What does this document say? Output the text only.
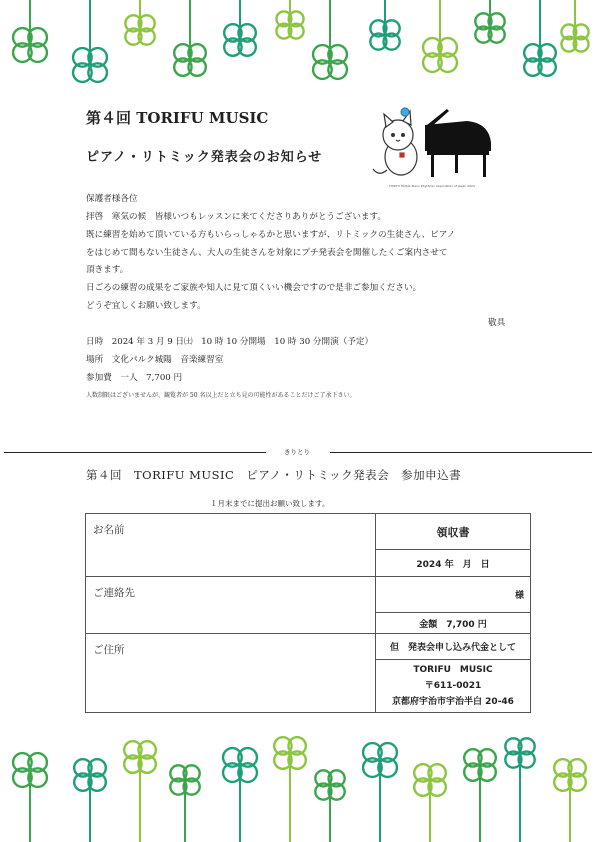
第４回 TORIFU MUSIC
ピアノ・リトミック発表会のお知らせ
TORIFU MUSIC Piano Rhythmic Association of Japan 2024
保護者様各位
拝啓　寒気の候　皆様いつもレッスンに来てくださりありがとうございます。
既に練習を始めて頂いている方もいらっしゃるかと思いますが、リトミックの生徒さん、ピアノ
をはじめて間もない生徒さん、大人の生徒さんを対象にプチ発表会を開催したくご案内させて
頂きます。
日ごろの練習の成果をご家族や知人に見て頂くいい機会ですので是非ご参加ください。
どうぞ宜しくお願い致します。
敬具
日時　2024 年 3 月 9 日㈯　10 時 10 分開場　10 時 30 分開演（予定）
場所　文化パルク城陽　音楽練習室
参加費　一人　7,700 円
人数制限はございませんが、観覧者が 50 名以上だと立ち見の可能性があることだけご了承下さい。
きりとり
第４回　TORIFU MUSIC　ピアノ・リトミック発表会　参加申込書
１月末までに提出お願い致します。
お名前	領収書
	2024 年　月　日

ご連絡先	様
	金額　7,700 円

ご住所	但　発表会申し込み代金として

	TORIFU　MUSIC
〒611-0021
京都府宇治市宇治半白 20-46
